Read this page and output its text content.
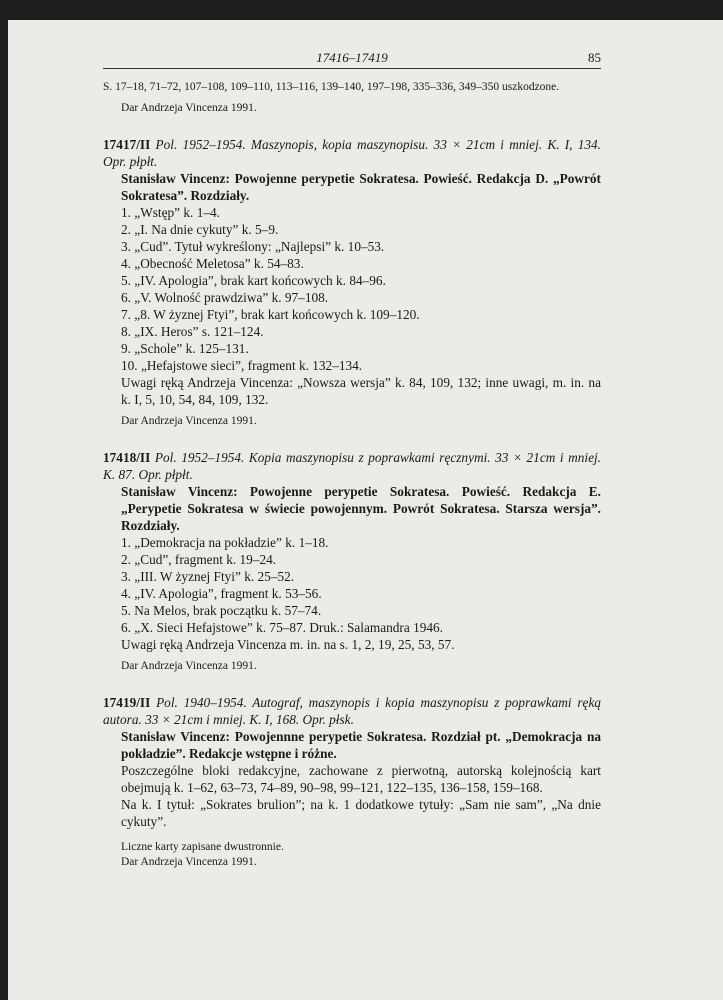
17416–17419	85
S. 17–18, 71–72, 107–108, 109–110, 113–116, 139–140, 197–198, 335–336, 349–350 uszkodzone.
Dar Andrzeja Vincenza 1991.
17417/II Pol. 1952–1954. Maszynopis, kopia maszynopisu. 33 × 21cm i mniej. K. I, 134. Opr. płpłt.
Stanisław Vincenz: Powojenne perypetie Sokratesa. Powieść. Redakcja D. „Powrót Sokratesa”. Rozdziały.
1. „Wstęp” k. 1–4.
2. „I. Na dnie cykuty” k. 5–9.
3. „Cud”. Tytuł wykreślony: „Najlepsi” k. 10–53.
4. „Obecność Meletosa” k. 54–83.
5. „IV. Apologia”, brak kart końcowych k. 84–96.
6. „V. Wolność prawdziwa” k. 97–108.
7. „8. W żyznej Ftyi”, brak kart końcowych k. 109–120.
8. „IX. Heros” s. 121–124.
9. „Schole” k. 125–131.
10. „Hefajstowe sieci”, fragment k. 132–134.
Uwagi ręką Andrzeja Vincenza: „Nowsza wersja” k. 84, 109, 132; inne uwagi, m. in. na k. I, 5, 10, 54, 84, 109, 132.
Dar Andrzeja Vincenza 1991.
17418/II Pol. 1952–1954. Kopia maszynopisu z poprawkami ręcznymi. 33 × 21cm i mniej. K. 87. Opr. płpłt.
Stanisław Vincenz: Powojenne perypetie Sokratesa. Powieść. Redakcja E. „Perypetie Sokratesa w świecie powojennym. Powrót Sokratesa. Starsza wersja”. Rozdziały.
1. „Demokracja na pokładzie” k. 1–18.
2. „Cud”, fragment k. 19–24.
3. „III. W żyznej Ftyi” k. 25–52.
4. „IV. Apologia”, fragment k. 53–56.
5. Na Melos, brak początku k. 57–74.
6. „X. Sieci Hefajstowe” k. 75–87. Druk.: Salamandra 1946.
Uwagi ręką Andrzeja Vincenza m. in. na s. 1, 2, 19, 25, 53, 57.
Dar Andrzeja Vincenza 1991.
17419/II Pol. 1940–1954. Autograf, maszynopis i kopia maszynopisu z poprawkami ręką autora. 33 × 21cm i mniej. K. I, 168. Opr. płsk.
Stanisław Vincenz: Powojennne perypetie Sokratesa. Rozdział pt. „Demokracja na pokładzie”. Redakcje wstępne i różne.
Poszczególne bloki redakcyjne, zachowane z pierwotną, autorską kolejnością kart obejmują k. 1–62, 63–73, 74–89, 90–98, 99–121, 122–135, 136–158, 159–168.
Na k. I tytuł: „Sokrates brulion”; na k. 1 dodatkowe tytuły: „Sam nie sam”, „Na dnie cykuty”.
Liczne karty zapisane dwustronnie.
Dar Andrzeja Vincenza 1991.
